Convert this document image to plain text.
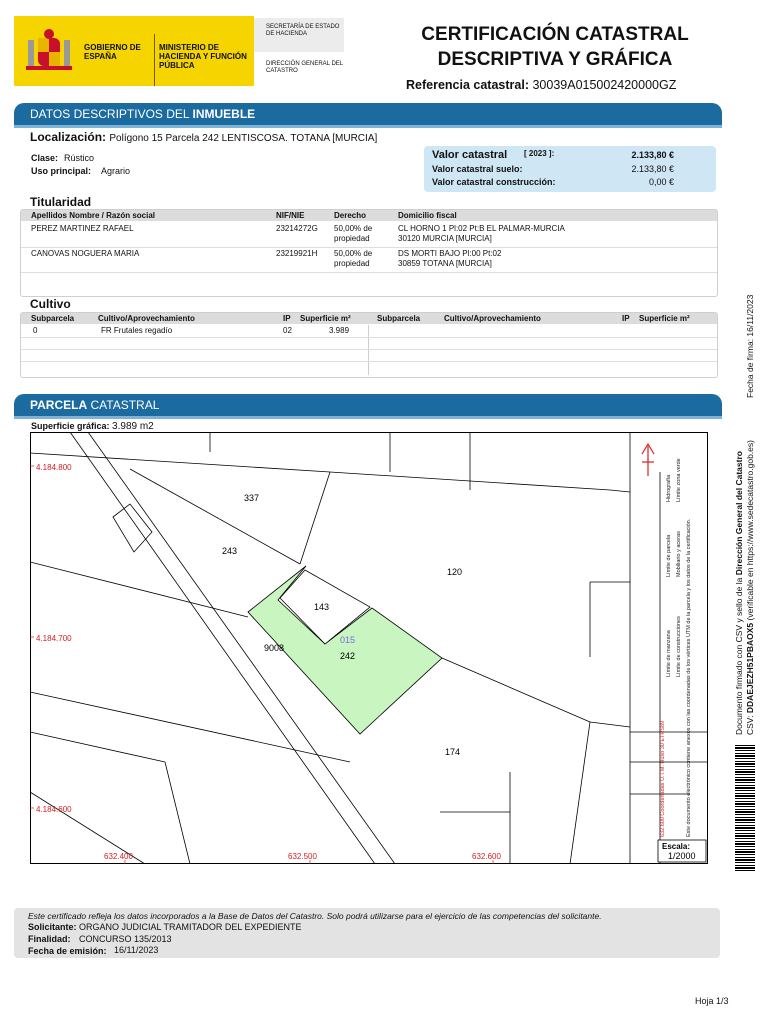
GOBIERNO DE ESPAÑA
MINISTERIO DE HACIENDA Y FUNCIÓN PÚBLICA
SECRETARÍA DE ESTADO DE HACIENDA
DIRECCIÓN GENERAL DEL CATASTRO
CERTIFICACIÓN CATASTRAL
DESCRIPTIVA Y GRÁFICA
Referencia catastral: 30039A015002420000GZ
DATOS DESCRIPTIVOS DEL INMUEBLE
Localización: Polígono 15 Parcela 242 LENTISCOSA. TOTANA [MURCIA]
Clase: Rústico
Uso principal: Agrario
Valor catastral [ 2023 ]:	2.133,80 €
Valor catastral suelo:	2.133,80 €
Valor catastral construcción:	0,00 €
Titularidad
Apellidos Nombre / Razón social	NIF/NIE	Derecho	Domicilio fiscal
PEREZ MARTINEZ RAFAEL	23214272G 50,00% de
propiedad
CL HORNO 1 Pl:02 Pt:B EL PALMAR-MURCIA
30120 MURCIA [MURCIA]
CANOVAS NOGUERA MARIA	23219921H 50,00% de
propiedad
DS MORTI BAJO Pl:00 Pt:02
30859 TOTANA [MURCIA]
Cultivo
Subparcela	Cultivo/Aprovechamiento	IP Superficie m²	Subparcela	Cultivo/Aprovechamiento	IP Superficie m²
0	FR Frutales regadío	02	3.989
PARCELA CATASTRAL
Superficie gráfica: 3.989 m2
337
243
120
143
9008
242
174
015
4.184.800
4.184.700
4.184.600
632.400	632.500	632.600
Límite de manzana Límite de construcciones
Límite de parcela Mobiliario y aceras
Hidrografía Límite zona verde
632.600 Coordenadas U.T.M. Huso 30 ETRS89	Este documento electrónico contiene anexos con las coordenadas de los vértices UTM de la parcela y los datos de la certificación.
Escala:
1/2000
Este certificado refleja los datos incorporados a la Base de Datos del Catastro. Solo podrá utilizarse para el ejercicio de las competencias del solicitante.
Solicitante: ORGANO JUDICIAL TRAMITADOR DEL EXPEDIENTE
Finalidad: CONCURSO 135/2013
Fecha de emisión: 16/11/2023
Hoja 1/3
Documento firmado con CSV y sello de la Dirección General del Catastro
CSV: DDAEJEZH51PBAOX5 (verificable en https://www.sedecatastro.gob.es)
Fecha de firma: 16/11/2023
